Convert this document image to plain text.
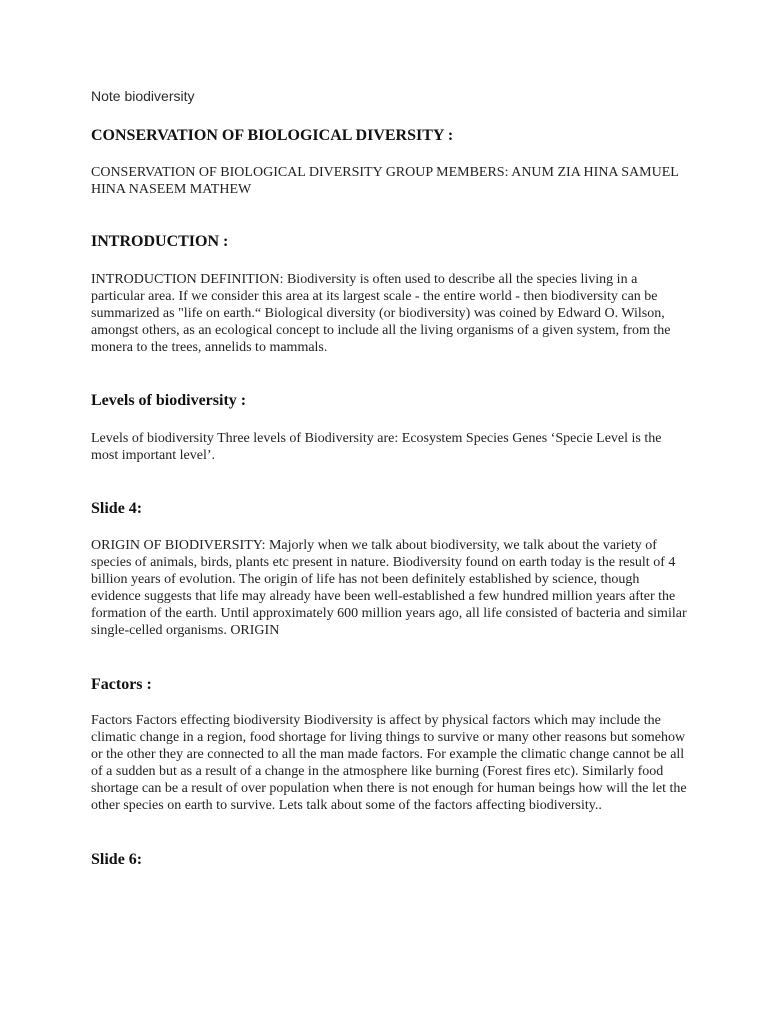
Note biodiversity
CONSERVATION OF BIOLOGICAL DIVERSITY :
CONSERVATION OF BIOLOGICAL DIVERSITY GROUP MEMBERS: ANUM ZIA HINA SAMUEL HINA NASEEM MATHEW
INTRODUCTION :
INTRODUCTION DEFINITION: Biodiversity is often used to describe all the species living in a particular area. If we consider this area at its largest scale - the entire world - then biodiversity can be summarized as "life on earth.“ Biological diversity (or biodiversity) was coined by Edward O. Wilson, amongst others, as an ecological concept to include all the living organisms of a given system, from the monera to the trees, annelids to mammals.
Levels of biodiversity :
Levels of biodiversity Three levels of Biodiversity are: Ecosystem Species Genes ‘Specie Level is the most important level’.
Slide 4:
ORIGIN OF BIODIVERSITY: Majorly when we talk about biodiversity, we talk about the variety of species of animals, birds, plants etc present in nature. Biodiversity found on earth today is the result of 4 billion years of evolution. The origin of life has not been definitely established by science, though evidence suggests that life may already have been well-established a few hundred million years after the formation of the earth. Until approximately 600 million years ago, all life consisted of bacteria and similar single-celled organisms. ORIGIN
Factors :
Factors Factors effecting biodiversity Biodiversity is affect by physical factors which may include the climatic change in a region, food shortage for living things to survive or many other reasons but somehow or the other they are connected to all the man made factors. For example the climatic change cannot be all of a sudden but as a result of a change in the atmosphere like burning (Forest fires etc). Similarly food shortage can be a result of over population when there is not enough for human beings how will the let the other species on earth to survive. Lets talk about some of the factors affecting biodiversity..
Slide 6:
